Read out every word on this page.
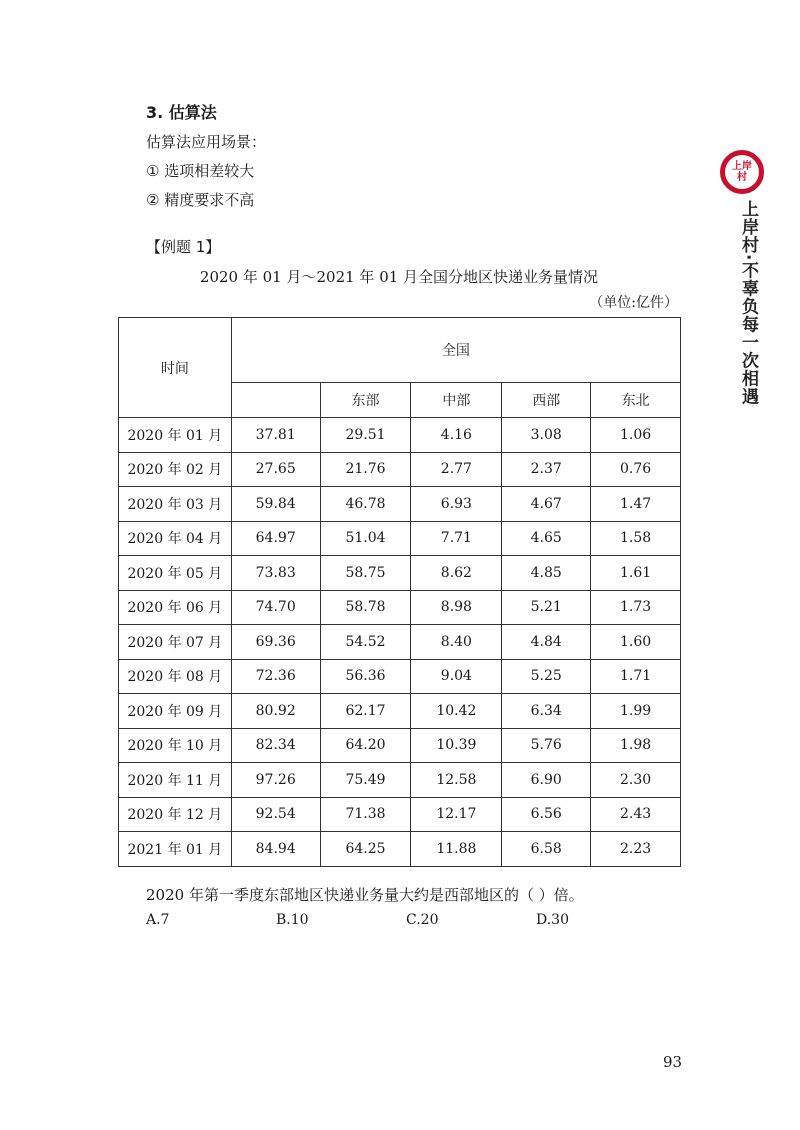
3. 估算法
估算法应用场景：
① 选项相差较大
② 精度要求不高
【例题 1】
2020 年 01 月～2021 年 01 月全国分地区快递业务量情况
（单位:亿件）
时间	全国				
		东部	中部	西部	东北
2020 年 01 月	37.81	29.51	4.16	3.08	1.06
2020 年 02 月	27.65	21.76	2.77	2.37	0.76
2020 年 03 月	59.84	46.78	6.93	4.67	1.47
2020 年 04 月	64.97	51.04	7.71	4.65	1.58
2020 年 05 月	73.83	58.75	8.62	4.85	1.61
2020 年 06 月	74.70	58.78	8.98	5.21	1.73
2020 年 07 月	69.36	54.52	8.40	4.84	1.60
2020 年 08 月	72.36	56.36	9.04	5.25	1.71
2020 年 09 月	80.92	62.17	10.42	6.34	1.99
2020 年 10 月	82.34	64.20	10.39	5.76	1.98
2020 年 11 月	97.26	75.49	12.58	6.90	2.30
2020 年 12 月	92.54	71.38	12.17	6.56	2.43
2021 年 01 月	84.94	64.25	11.88	6.58	2.23
2020 年第一季度东部地区快递业务量大约是西部地区的（ ）倍。
A.7	B.10	C.20	D.30
93
上岸
村
上岸村·不辜负每一次相遇
